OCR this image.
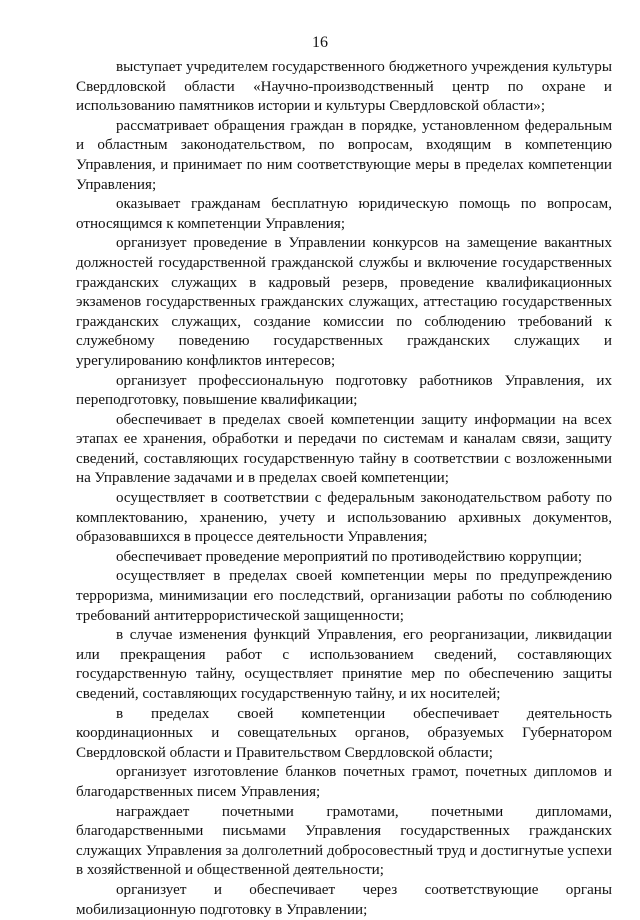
16

выступает учредителем государственного бюджетного учреждения культуры Свердловской области «Научно-производственный центр по охране и использованию памятников истории и культуры Свердловской области»;

рассматривает обращения граждан в порядке, установленном федеральным и областным законодательством, по вопросам, входящим в компетенцию Управления, и принимает по ним соответствующие меры в пределах компетенции Управления;

оказывает гражданам бесплатную юридическую помощь по вопросам, относящимся к компетенции Управления;

организует проведение в Управлении конкурсов на замещение вакантных должностей государственной гражданской службы и включение государственных гражданских служащих в кадровый резерв, проведение квалификационных экзаменов государственных гражданских служащих, аттестацию государственных гражданских служащих, создание комиссии по соблюдению требований к служебному поведению государственных гражданских служащих и урегулированию конфликтов интересов;

организует профессиональную подготовку работников Управления, их переподготовку, повышение квалификации;

обеспечивает в пределах своей компетенции защиту информации на всех этапах ее хранения, обработки и передачи по системам и каналам связи, защиту сведений, составляющих государственную тайну в соответствии с возложенными на Управление задачами и в пределах своей компетенции;

осуществляет в соответствии с федеральным законодательством работу по комплектованию, хранению, учету и использованию архивных документов, образовавшихся в процессе деятельности Управления;

обеспечивает проведение мероприятий по противодействию коррупции;

осуществляет в пределах своей компетенции меры по предупреждению терроризма, минимизации его последствий, организации работы по соблюдению требований антитеррористической защищенности;

в случае изменения функций Управления, его реорганизации, ликвидации или прекращения работ с использованием сведений, составляющих государственную тайну, осуществляет принятие мер по обеспечению защиты сведений, составляющих государственную тайну, и их носителей;

в пределах своей компетенции обеспечивает деятельность координационных и совещательных органов, образуемых Губернатором Свердловской области и Правительством Свердловской области;

организует изготовление бланков почетных грамот, почетных дипломов и благодарственных писем Управления;

награждает почетными грамотами, почетными дипломами, благодарственными письмами Управления государственных гражданских служащих Управления за долголетний добросовестный труд и достигнутые успехи в хозяйственной и общественной деятельности;

организует и обеспечивает через соответствующие органы мобилизационную подготовку в Управлении;
